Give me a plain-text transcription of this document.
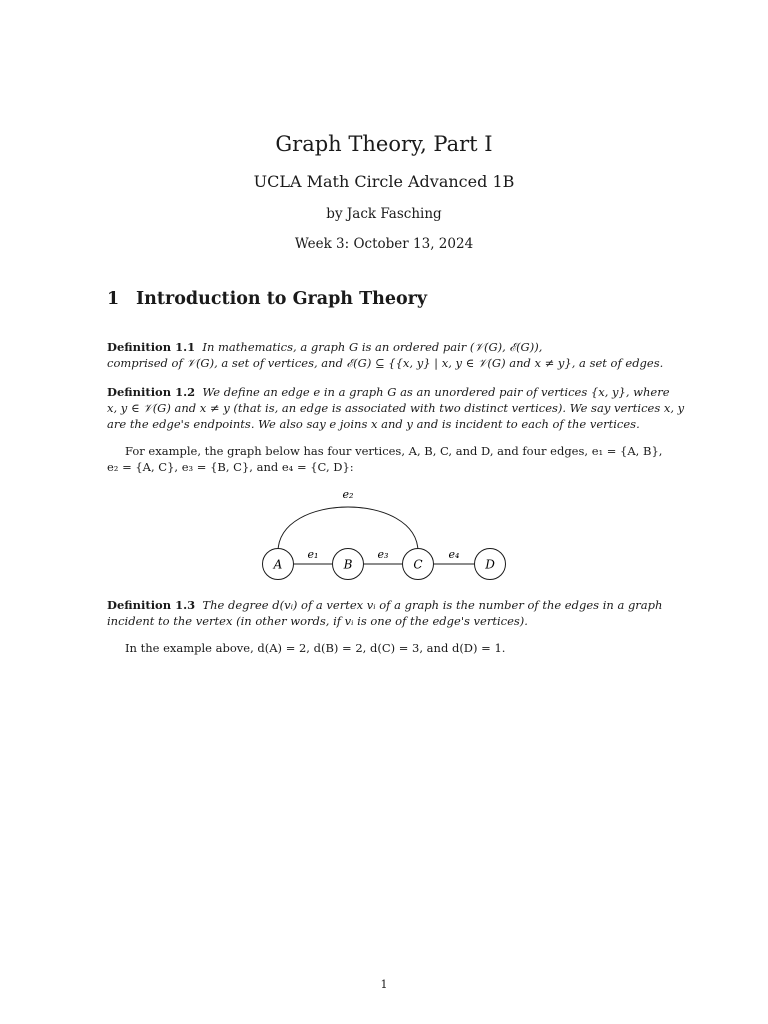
Graph Theory, Part I
UCLA Math Circle Advanced 1B
by Jack Fasching
Week 3: October 13, 2024
1 Introduction to Graph Theory
Definition 1.1 In mathematics, a graph G is an ordered pair (𝒱(G), ℰ(G)),
comprised of 𝒱(G), a set of vertices, and ℰ(G) ⊆ {{x, y} | x, y ∈ 𝒱(G) and x ≠ y}, a set of edges.
Definition 1.2 We define an edge e in a graph G as an unordered pair of vertices {x, y}, where
x, y ∈ 𝒱(G) and x ≠ y (that is, an edge is associated with two distinct vertices). We say vertices x, y
are the edge's endpoints. We also say e joins x and y and is incident to each of the vertices.
For example, the graph below has four vertices, A, B, C, and D, and four edges, e₁ = {A, B},
e₂ = {A, C}, e₃ = {B, C}, and e₄ = {C, D}:
A	B	C	D
e₁
e₂
e₃	e₄
Definition 1.3 The degree d(vᵢ) of a vertex vᵢ of a graph is the number of the edges in a graph
incident to the vertex (in other words, if vᵢ is one of the edge's vertices).
In the example above, d(A) = 2, d(B) = 2, d(C) = 3, and d(D) = 1.
1
